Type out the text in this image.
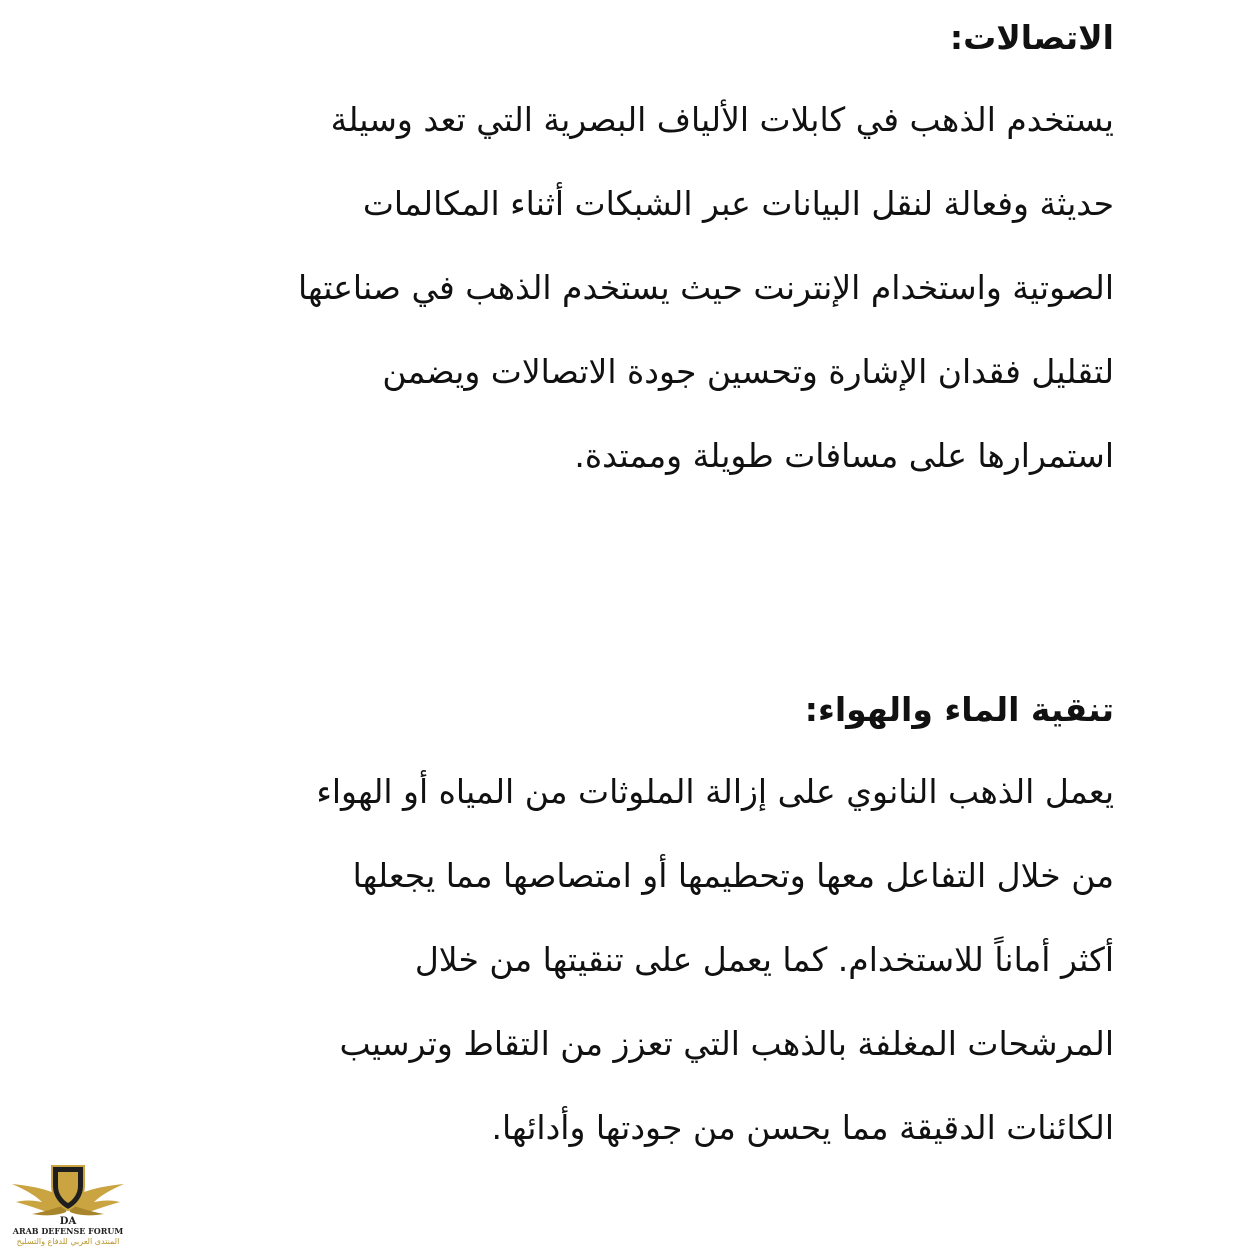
الاتصالات:

يستخدم الذهب في كابلات الألياف البصرية التي تعد وسيلة

حديثة وفعالة لنقل البيانات عبر الشبكات أثناء المكالمات

الصوتية واستخدام الإنترنت حيث يستخدم الذهب في صناعتها

لتقليل فقدان الإشارة وتحسين جودة الاتصالات ويضمن

استمرارها على مسافات طويلة وممتدة.

تنقية الماء والهواء:

يعمل الذهب النانوي على إزالة الملوثات من المياه أو الهواء

من خلال التفاعل معها وتحطيمها أو امتصاصها مما يجعلها

أكثر أماناً للاستخدام. كما يعمل على تنقيتها من خلال

المرشحات المغلفة بالذهب التي تعزز من التقاط وترسيب

الكائنات الدقيقة مما يحسن من جودتها وأدائها.

DA
ARAB DEFENSE FORUM
المنتدى العربي للدفاع والتسليح
